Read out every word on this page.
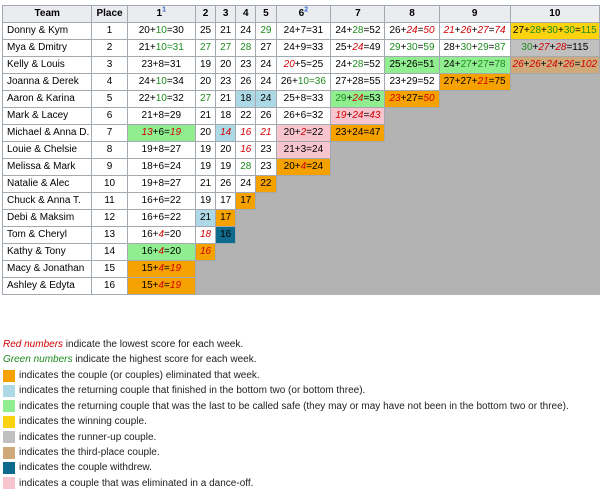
Team	Place	$1^1$	2	3	4	5	$6^2$	7	8	9	10
Donny & Kym	1	20+10=30	25	21	24	29	24+7=31	24+28=52	26+24=50	21+26+27=74	27+28+30+30=115
Mya & Dmitry	2	21+10=31	27	27	28	27	24+9=33	25+24=49	29+30=59	28+30+29=87	30+27+28=115
Kelly & Louis	3	23+8=31	19	20	23	24	20+5=25	24+28=52	25+26=51	24+27+27=78	26+26+24+26=102
Joanna & Derek	4	24+10=34	20	23	26	24	26+10=36	27+28=55	23+29=52	27+27+21=75	
Aaron & Karina	5	22+10=32	27	21	18	24	25+8=33	29+24=53	23+27=50		
Mark & Lacey	6	21+8=29	21	18	22	26	26+6=32	19+24=43			
Michael & Anna D.	7	13+6=19	20	14	16	21	20+2=22	23+24=47			
Louie & Chelsie	8	19+8=27	19	20	16	23	21+3=24				
Melissa & Mark	9	18+6=24	19	19	28	23	20+4=24				
Natalie & Alec	10	19+8=27	21	26	24	22					
Chuck & Anna T.	11	16+6=22	19	17	17						
Debi & Maksim	12	16+6=22	21	17							
Tom & Cheryl	13	16+4=20	18	16							
Kathy & Tony	14	16+4=20	16								
Macy & Jonathan	15	15+4=19									
Ashley & Edyta	16	15+4=19									
Red numbers indicate the lowest score for each week.
Green numbers indicate the highest score for each week.
indicates the couple (or couples) eliminated that week.
indicates the returning couple that finished in the bottom two (or bottom three).
indicates the returning couple that was the last to be called safe (they may or may have not been in the bottom two or three).
indicates the winning couple.
indicates the runner-up couple.
indicates the third-place couple.
indicates the couple withdrew.
indicates a couple that was eliminated in a dance-off.
